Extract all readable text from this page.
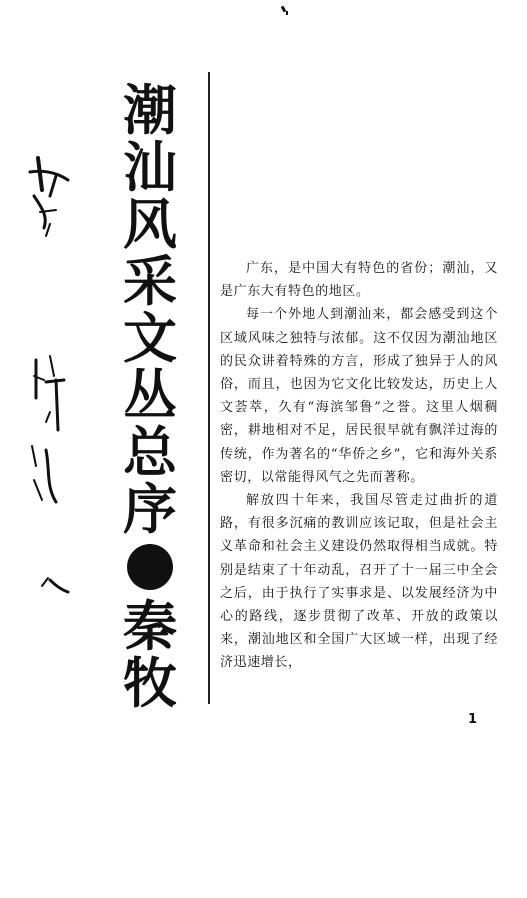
潮
汕
风
采
文
丛
总
序
秦
牧

广东，是中国大有特色的省份；潮汕，又是广东大有特色的地区。

每一个外地人到潮汕来，都会感受到这个区域风味之独特与浓郁。这不仅因为潮汕地区的民众讲着特殊的方言，形成了独异于人的风俗，而且，也因为它文化比较发达，历史上人文荟萃，久有“海滨邹鲁”之誉。这里人烟稠密，耕地相对不足，居民很早就有飘洋过海的传统，作为著名的“华侨之乡”，它和海外关系密切，以常能得风气之先而著称。

解放四十年来，我国尽管走过曲折的道路，有很多沉痛的教训应该记取，但是社会主义革命和社会主义建设仍然取得相当成就。特别是结束了十年动乱，召开了十一届三中全会之后，由于执行了实事求是、以发展经济为中心的路线，逐步贯彻了改革、开放的政策以来，潮汕地区和全国广大区域一样，出现了经济迅速增长，

1
